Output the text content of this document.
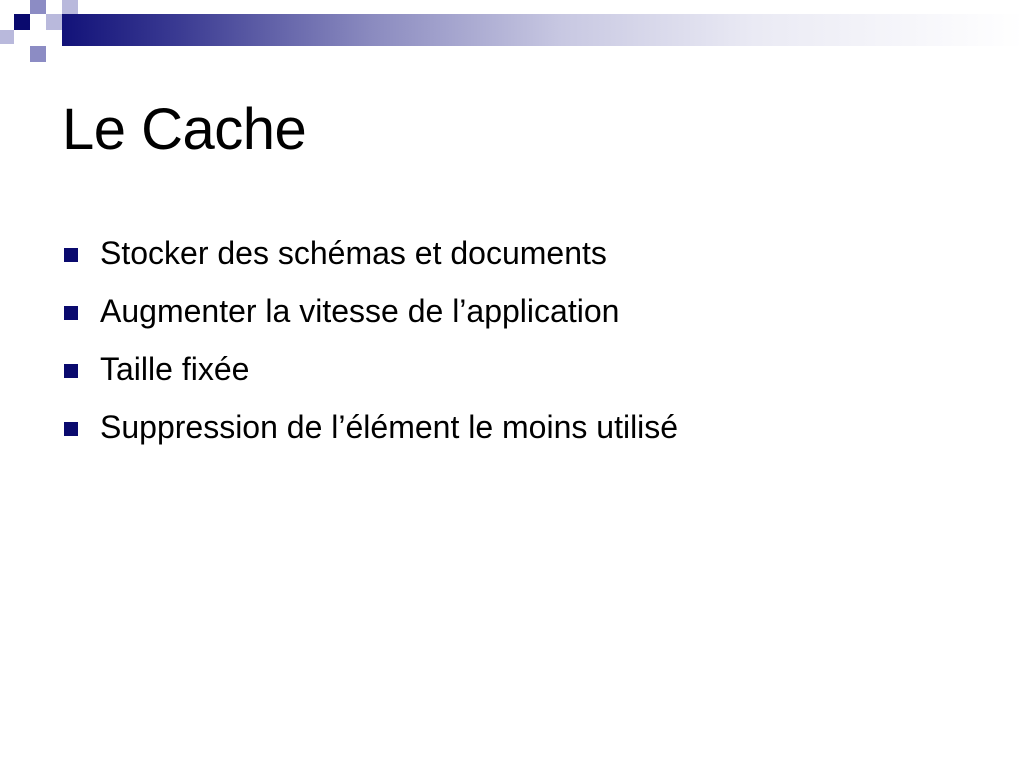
Le Cache
Stocker des schémas et documents
Augmenter la vitesse de l’application
Taille fixée
Suppression de l’élément le moins utilisé
